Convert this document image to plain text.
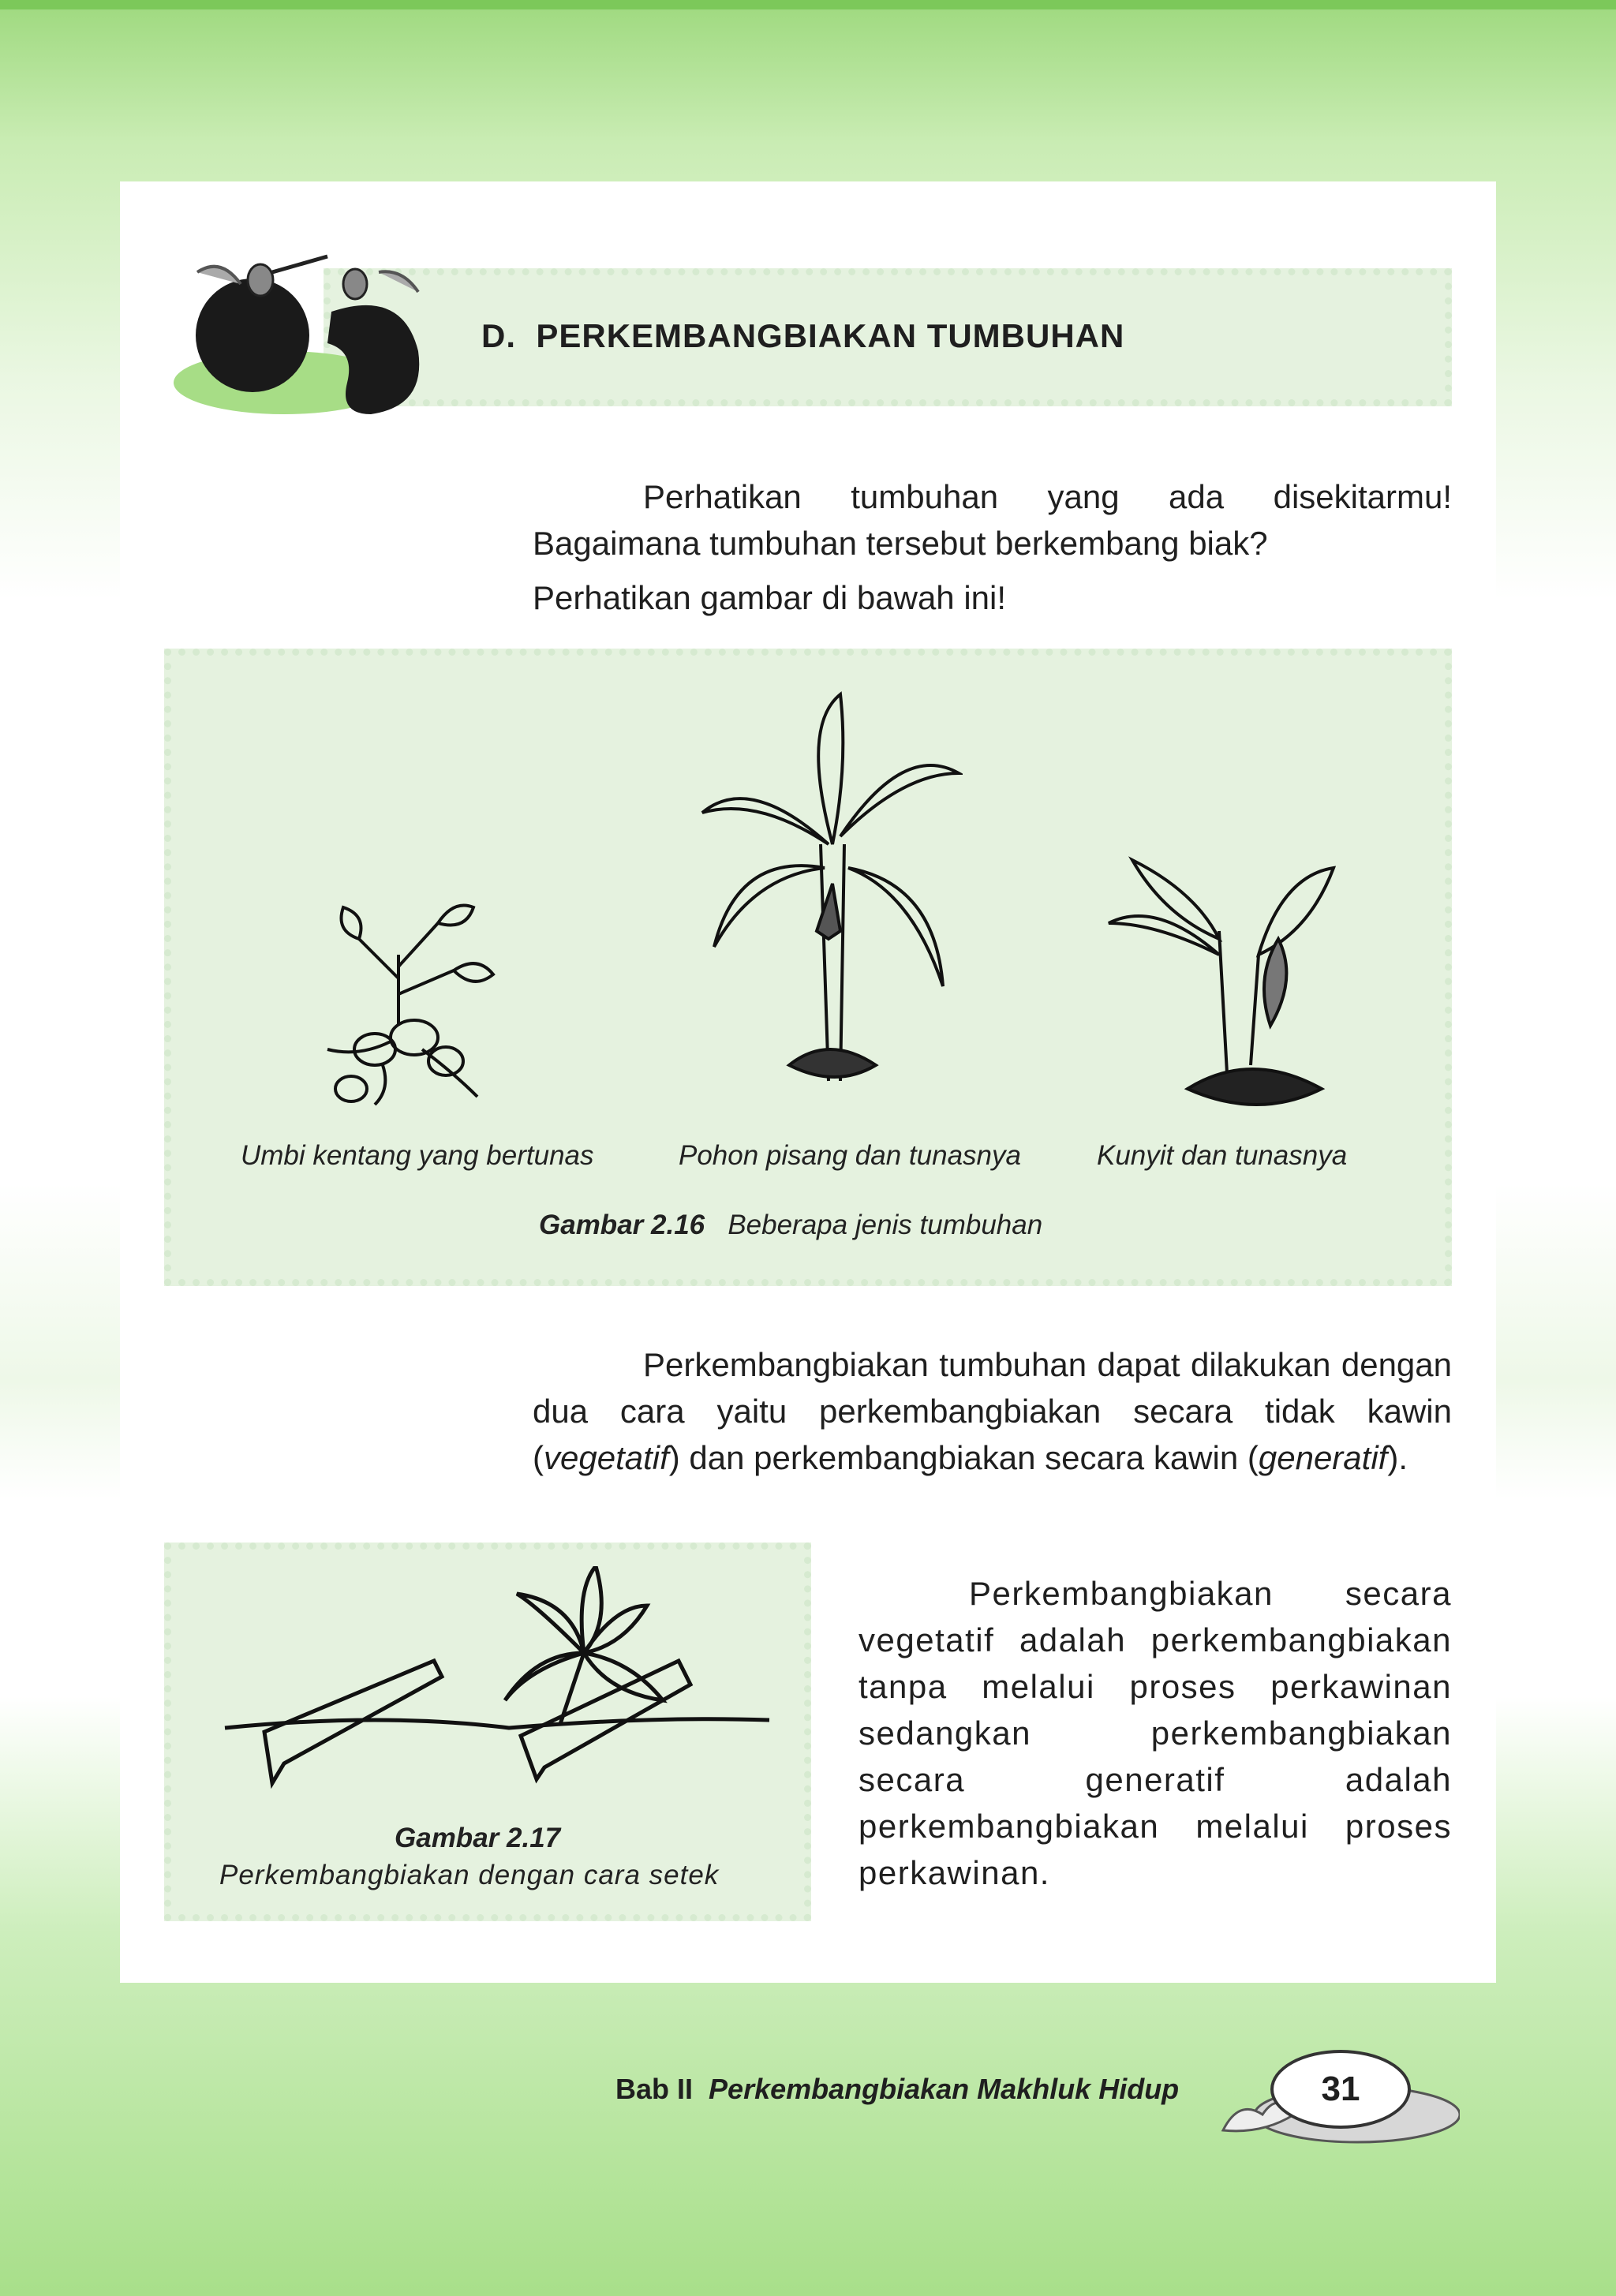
D. PERKEMBANGBIAKAN TUMBUHAN
Perhatikan tumbuhan yang ada disekitarmu! Bagaimana tumbuhan tersebut berkembang biak?
Perhatikan gambar di bawah ini!
Umbi kentang yang bertunas	Pohon pisang dan tunasnya	Kunyit dan tunasnya
Gambar 2.16 Beberapa jenis tumbuhan
Perkembangbiakan tumbuhan dapat dilakukan dengan dua cara yaitu perkembangbiakan secara tidak kawin (vegetatif) dan perkembangbiakan secara kawin (generatif).
Gambar 2.17
Perkembangbiakan dengan cara setek
Perkembangbiakan secara vegetatif adalah perkembangbiakan tanpa melalui proses perkawinan sedangkan perkembangbiakan secara generatif adalah perkembangbiakan melalui proses perkawinan.
Bab II Perkembangbiakan Makhluk Hidup	31
